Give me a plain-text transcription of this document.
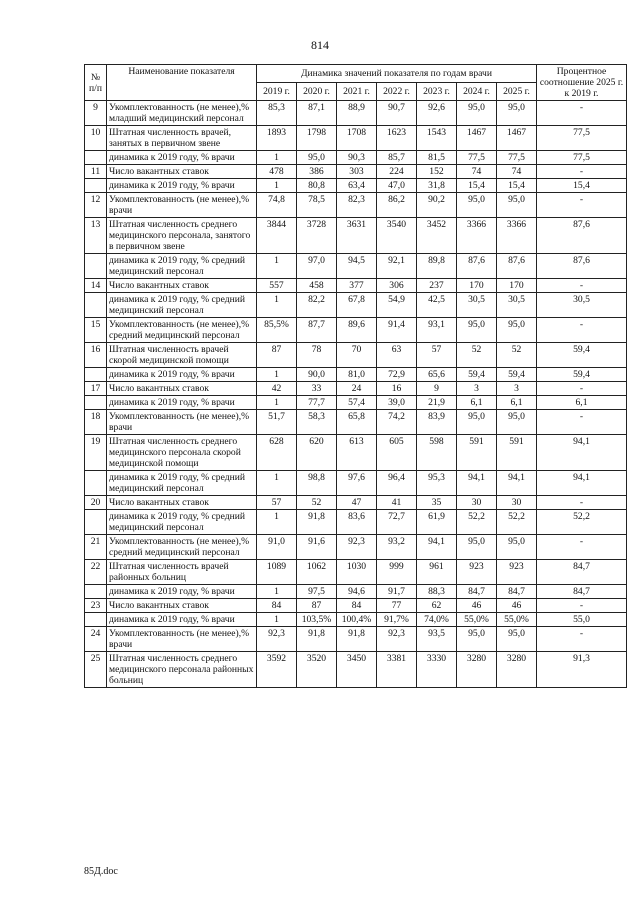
814
№ п/п	Наименование показателя	Динамика значений показателя по годам врачи							Процентное соотношение 2025 г. к 2019 г.
		2019 г.	2020 г.	2021 г.	2022 г.	2023 г.	2024 г.	2025 г.	
9	Укомплектованность (не менее),% младший медицинский персонал	85,3	87,1	88,9	90,7	92,6	95,0	95,0	-
10	Штатная численность врачей, занятых в первичном звене	1893	1798	1708	1623	1543	1467	1467	77,5
	динамика к 2019 году, % врачи	1	95,0	90,3	85,7	81,5	77,5	77,5	77,5
11	Число вакантных ставок	478	386	303	224	152	74	74	-
	динамика к 2019 году, % врачи	1	80,8	63,4	47,0	31,8	15,4	15,4	15,4
12	Укомплектованность (не менее),% врачи	74,8	78,5	82,3	86,2	90,2	95,0	95,0	-
13	Штатная численность среднего медицинского персонала, занятого в первичном звене	3844	3728	3631	3540	3452	3366	3366	87,6
	динамика к 2019 году, % средний медицинский персонал	1	97,0	94,5	92,1	89,8	87,6	87,6	87,6
14	Число вакантных ставок	557	458	377	306	237	170	170	-
	динамика к 2019 году, % средний медицинский персонал	1	82,2	67,8	54,9	42,5	30,5	30,5	30,5
15	Укомплектованность (не менее),% средний медицинский персонал	85,5%	87,7	89,6	91,4	93,1	95,0	95,0	-
16	Штатная численность врачей скорой медицинской помощи	87	78	70	63	57	52	52	59,4
	динамика к 2019 году, % врачи	1	90,0	81,0	72,9	65,6	59,4	59,4	59,4
17	Число вакантных ставок	42	33	24	16	9	3	3	-
	динамика к 2019 году, % врачи	1	77,7	57,4	39,0	21,9	6,1	6,1	6,1
18	Укомплектованность (не менее),% врачи	51,7	58,3	65,8	74,2	83,9	95,0	95,0	-
19	Штатная численность среднего медицинского персонала скорой медицинской помощи	628	620	613	605	598	591	591	94,1
	динамика к 2019 году, % средний медицинский персонал	1	98,8	97,6	96,4	95,3	94,1	94,1	94,1
20	Число вакантных ставок	57	52	47	41	35	30	30	-
	динамика к 2019 году, % средний медицинский персонал	1	91,8	83,6	72,7	61,9	52,2	52,2	52,2
21	Укомплектованность (не менее),% средний медицинский персонал	91,0	91,6	92,3	93,2	94,1	95,0	95,0	-
22	Штатная численность врачей районных больниц	1089	1062	1030	999	961	923	923	84,7
	динамика к 2019 году, % врачи	1	97,5	94,6	91,7	88,3	84,7	84,7	84,7
23	Число вакантных ставок	84	87	84	77	62	46	46	-
	динамика к 2019 году, % врачи	1	103,5%	100,4%	91,7%	74,0%	55,0%	55,0%	55,0
24	Укомплектованность (не менее),% врачи	92,3	91,8	91,8	92,3	93,5	95,0	95,0	-
25	Штатная численность среднего медицинского персонала районных больниц	3592	3520	3450	3381	3330	3280	3280	91,3
85Д.doc
